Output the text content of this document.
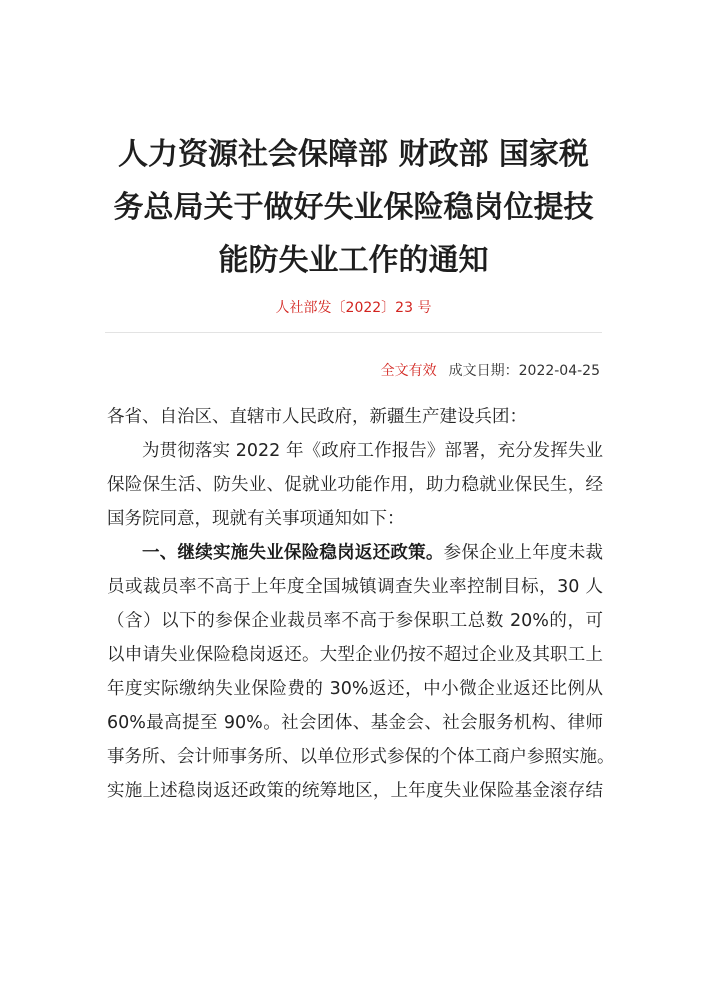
人力资源社会保障部 财政部 国家税
务总局关于做好失业保险稳岗位提技
能防失业工作的通知
人社部发〔2022〕23 号
全文有效 成文日期：2022-04-25

各省、自治区、直辖市人民政府，新疆生产建设兵团：

为贯彻落实 2022 年《政府工作报告》部署，充分发挥失业
保险保生活、防失业、促就业功能作用，助力稳就业保民生，经
国务院同意，现就有关事项通知如下：

一、继续实施失业保险稳岗返还政策。参保企业上年度未裁
员或裁员率不高于上年度全国城镇调查失业率控制目标，30 人
（含）以下的参保企业裁员率不高于参保职工总数 20%的，可
以申请失业保险稳岗返还。大型企业仍按不超过企业及其职工上
年度实际缴纳失业保险费的 30%返还，中小微企业返还比例从
60%最高提至 90%。社会团体、基金会、社会服务机构、律师
事务所、会计师事务所、以单位形式参保的个体工商户参照实施。
实施上述稳岗返还政策的统筹地区，上年度失业保险基金滚存结
